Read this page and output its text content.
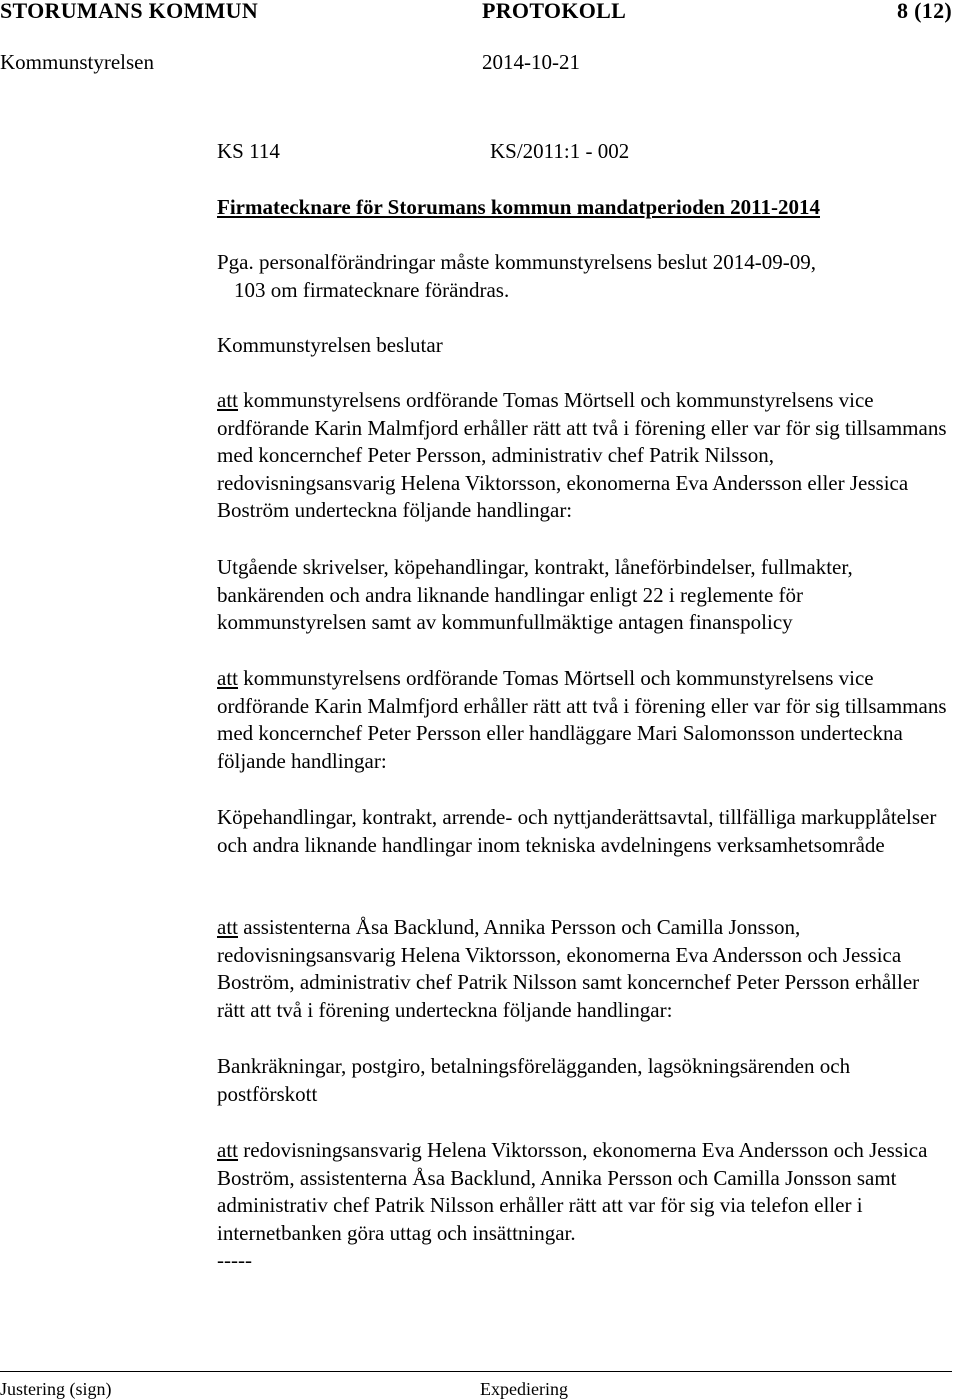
STORUMANS KOMMUN	PROTOKOLL	8 (12)
Kommunstyrelsen	2014-10-21
KS 114	KS/2011:1 - 002

Firmatecknare för Storumans kommun mandatperioden 2011-2014

Pga. personalförändringar måste kommunstyrelsens beslut 2014-09-09,

103 om firmatecknare förändras.

Kommunstyrelsen beslutar

att kommunstyrelsens ordförande Tomas Mörtsell och kommunstyrelsens vice ordförande Karin Malmfjord erhåller rätt att två i förening eller var för sig tillsammans med koncernchef Peter Persson, administrativ chef Patrik Nilsson, redovisningsansvarig Helena Viktorsson, ekonomerna Eva Andersson eller Jessica Boström underteckna följande handlingar:

Utgående skrivelser, köpehandlingar, kontrakt, låneförbindelser, fullmakter,

bankärenden och andra liknande handlingar enligt 22 i reglemente för

kommunstyrelsen samt av kommunfullmäktige antagen finanspolicy

att kommunstyrelsens ordförande Tomas Mörtsell och kommunstyrelsens vice ordförande Karin Malmfjord erhåller rätt att två i förening eller var för sig tillsammans med koncernchef Peter Persson eller handläggare Mari Salomonsson underteckna följande handlingar:

Köpehandlingar, kontrakt, arrende- och nyttjanderättsavtal, tillfälliga markupplåtelser och andra liknande handlingar inom tekniska avdelningens verksamhetsområde

att assistenterna Åsa Backlund, Annika Persson och Camilla Jonsson, redovisningsansvarig Helena Viktorsson, ekonomerna Eva Andersson och Jessica Boström, administrativ chef Patrik Nilsson samt koncernchef Peter Persson erhåller rätt att två i förening underteckna följande handlingar:

Bankräkningar, postgiro, betalningsförelägganden, lagsökningsärenden och postförskott

att redovisningsansvarig Helena Viktorsson, ekonomerna Eva Andersson och Jessica Boström, assistenterna Åsa Backlund, Annika Persson och Camilla Jonsson samt administrativ chef Patrik Nilsson erhåller rätt att var för sig via telefon eller i internetbanken göra uttag och insättningar.

-----

Justering (sign)	Expediering
